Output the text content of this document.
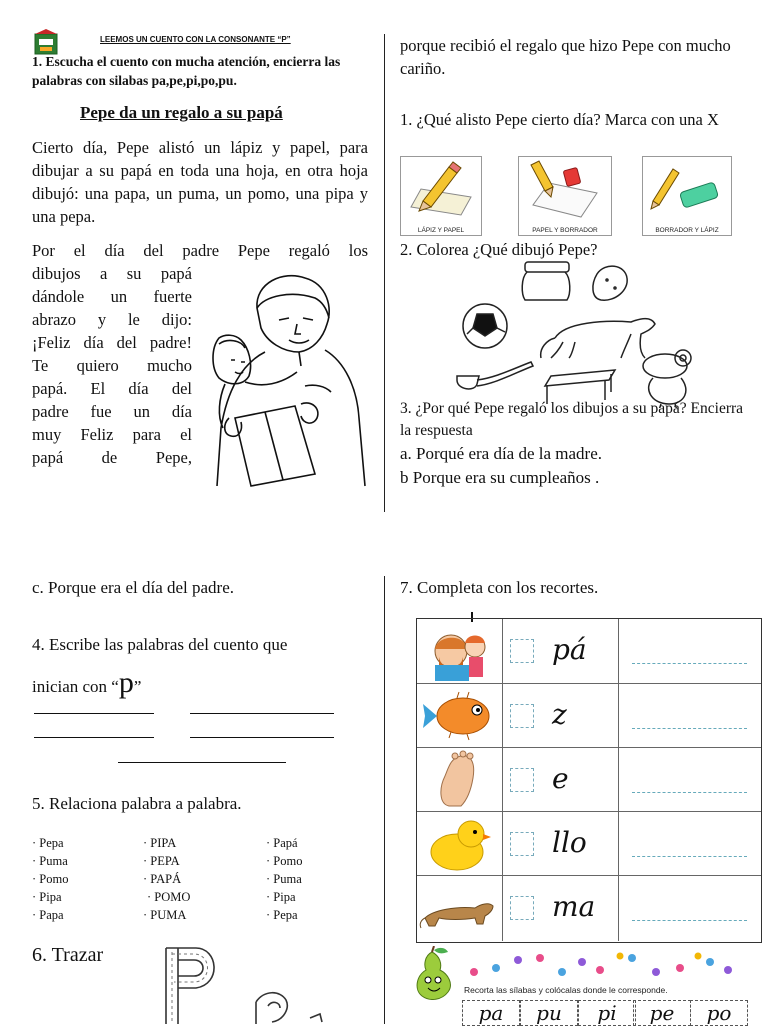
LEEMOS UN CUENTO CON LA CONSONANTE “P”
1. Escucha el cuento con mucha atención, encierra las palabras con silabas pa,pe,pi,po,pu.
Pepe da un regalo a su papá
Cierto día, Pepe alistó un lápiz y papel, para dibujar a su papá en toda una hoja, en otra hoja dibujó: una papa, un puma, un pomo, una pipa y una pepa.
Por el día del padre Pepe regaló los
dibujos a su papá
dándole un fuerte
abrazo y le dijo:
¡Feliz día del padre!
Te quiero mucho
papá. El día del
padre fue un día
muy Feliz para el
papá de Pepe,
porque recibió el regalo que hizo Pepe con mucho cariño.
1. ¿Qué alisto Pepe cierto día? Marca con una X
LÁPIZ Y PAPEL	PAPEL Y BORRADOR	BORRADOR Y LÁPIZ
2. Colorea ¿Qué dibujó Pepe?
3. ¿Por qué Pepe regaló los dibujos a su papá? Encierra la respuesta
a. Porqué era día de la madre.
b Porque era su cumpleaños .
c. Porque era el día del padre.
4. Escribe las palabras del cuento que
inician con “p”
5. Relaciona palabra a palabra.
· Pepa
· Puma
· Pomo
· Pipa
· Papa
· PIPA
· PEPA
· PAPÁ
· POMO
· PUMA
· Papá
· Pomo
· Puma
· Pipa
· Pepa
6. Trazar
7. Completa con los recortes.
pá
z
e
llo
ma
Recorta las sílabas y colócalas donde le corresponde.
pa	pu	pi	pe	po
